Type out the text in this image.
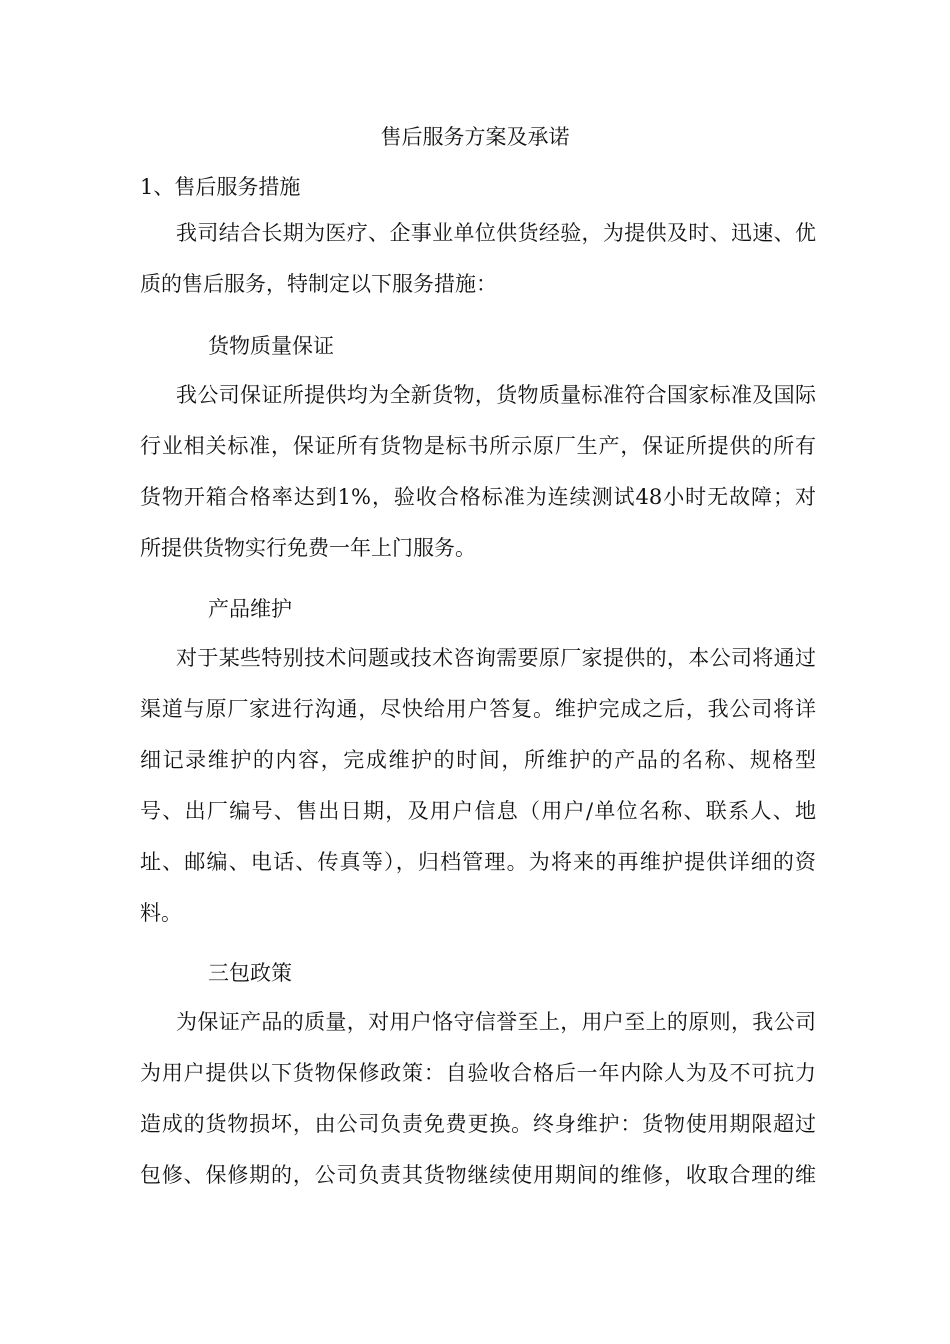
售后服务方案及承诺

1、售后服务措施

我司结合长期为医疗、企事业单位供货经验，为提供及时、迅速、优

质的售后服务，特制定以下服务措施：

货物质量保证

我公司保证所提供均为全新货物，货物质量标准符合国家标准及国际

行业相关标准，保证所有货物是标书所示原厂生产，保证所提供的所有

货物开箱合格率达到1%，验收合格标准为连续测试48小时无故障；对

所提供货物实行免费一年上门服务。

产品维护

对于某些特别技术问题或技术咨询需要原厂家提供的，本公司将通过

渠道与原厂家进行沟通，尽快给用户答复。维护完成之后，我公司将详

细记录维护的内容，完成维护的时间，所维护的产品的名称、规格型

号、出厂编号、售出日期，及用户信息（用户/单位名称、联系人、地

址、邮编、电话、传真等），归档管理。为将来的再维护提供详细的资

料。

三包政策

为保证产品的质量，对用户恪守信誉至上，用户至上的原则，我公司

为用户提供以下货物保修政策：自验收合格后一年内除人为及不可抗力

造成的货物损坏，由公司负责免费更换。终身维护：货物使用期限超过

包修、保修期的，公司负责其货物继续使用期间的维修，收取合理的维
